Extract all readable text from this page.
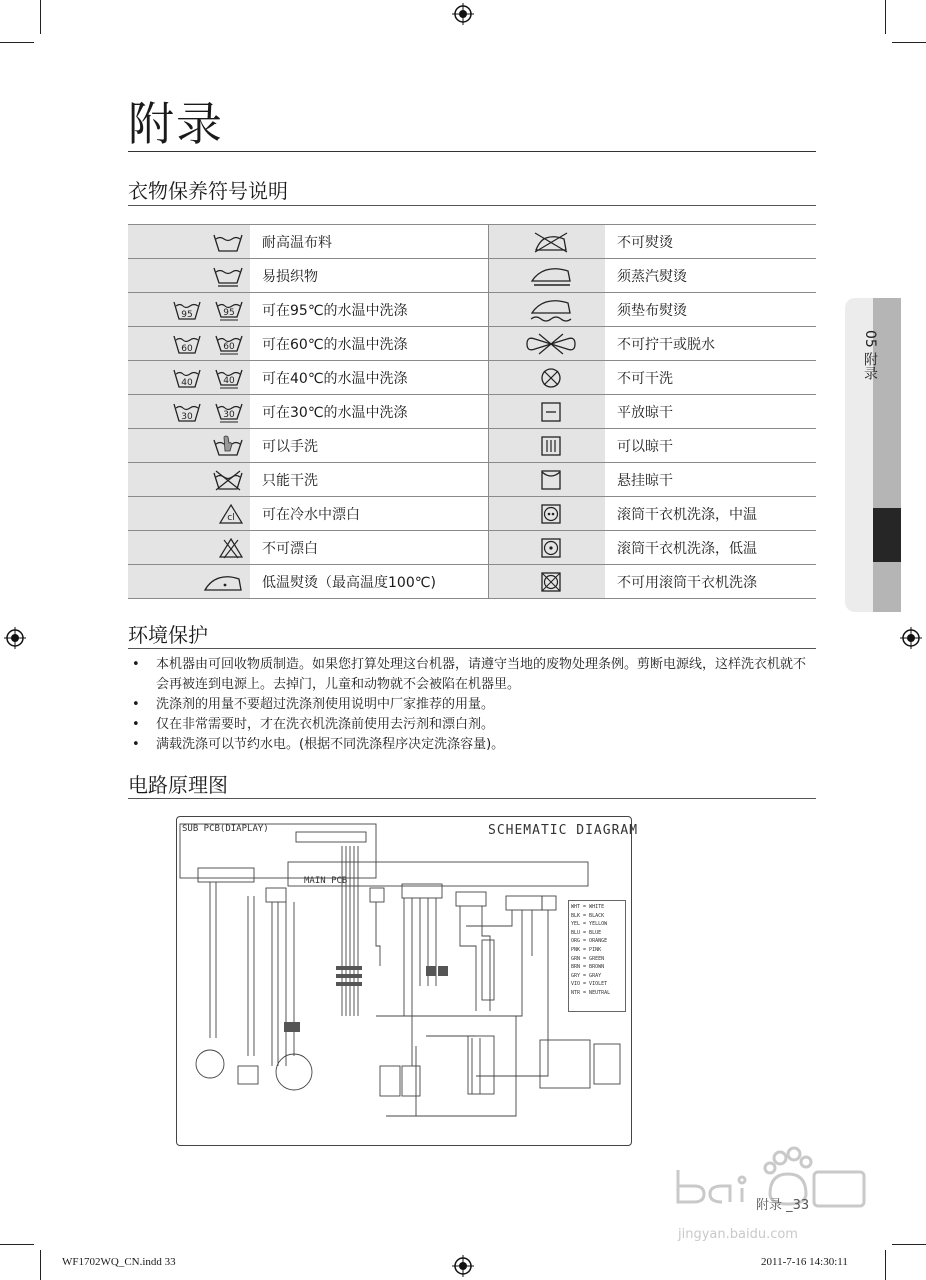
附录
05 附录
衣物保养符号说明
	耐高温布料		不可熨烫
	易损织物		须蒸汽熨烫

95
95	可在95℃的水温中洗涤		须垫布熨烫

60
60	可在60℃的水温中洗涤		不可拧干或脱水

40
40	可在40℃的水温中洗涤		不可干洗

30
30	可在30℃的水温中洗涤		平放晾干
	可以手洗		可以晾干
	只能干洗		悬挂晾干

cl	可在冷水中漂白		滚筒干衣机洗涤，中温
	不可漂白		滚筒干衣机洗涤，低温
	低温熨烫（最高温度100℃)		不可用滚筒干衣机洗涤
环境保护
• 本机器由可回收物质制造。如果您打算处理这台机器，请遵守当地的废物处理条例。剪断电源线，这样洗衣机就不会再被连到电源上。去掉门，儿童和动物就不会被陷在机器里。
• 洗涤剂的用量不要超过洗涤剂使用说明中厂家推荐的用量。
• 仅在非常需要时，才在洗衣机洗涤前使用去污剂和漂白剂。
• 满载洗涤可以节约水电。(根据不同洗涤程序决定洗涤容量)。
电路原理图
SCHEMATIC DIAGRAM
SUB PCB(DIAPLAY)
MAIN PCB
WHT = WHITE
BLK = BLACK
YEL = YELLOW
BLU = BLUE
ORG = ORANGE
PNK = PINK
GRN = GREEN
BRN = BROWN
GRY = GRAY
VIO = VIOLET
NTR = NEUTRAL
jingyan.baidu.com
附录 _33
WF1702WQ_CN.indd 33	2011-7-16 14:30:11
